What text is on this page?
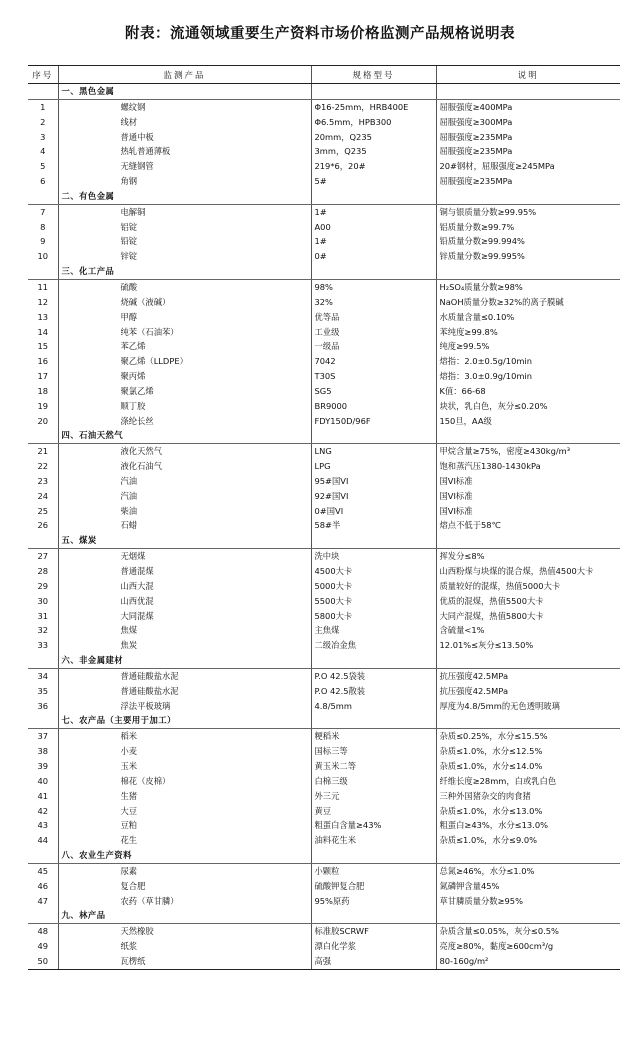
附表：流通领域重要生产资料市场价格监测产品规格说明表
序号	监测产品	规格型号	说明
	一、黑色金属		
1	螺纹钢	Φ16-25mm，HRB400E	屈服强度≥400MPa
2	线材	Φ6.5mm，HPB300	屈服强度≥300MPa
3	普通中板	20mm，Q235	屈服强度≥235MPa
4	热轧普通薄板	3mm，Q235	屈服强度≥235MPa
5	无缝钢管	219*6，20#	20#钢材，屈服强度≥245MPa
6	角钢	5#	屈服强度≥235MPa
	二、有色金属		
7	电解铜	1#	铜与银质量分数≥99.95%
8	铝锭	A00	铝质量分数≥99.7%
9	铅锭	1#	铅质量分数≥99.994%
10	锌锭	0#	锌质量分数≥99.995%
	三、化工产品		
11	硫酸	98%	H₂SO₄质量分数≥98%
12	烧碱（液碱）	32%	NaOH质量分数≥32%的离子膜碱
13	甲醇	优等品	水质量含量≤0.10%
14	纯苯（石油苯）	工业级	苯纯度≥99.8%
15	苯乙烯	一级品	纯度≥99.5%
16	聚乙烯（LLDPE）	7042	熔指：2.0±0.5g/10min
17	聚丙烯	T30S	熔指：3.0±0.9g/10min
18	聚氯乙烯	SG5	K值：66-68
19	顺丁胶	BR9000	块状，乳白色，灰分≤0.20%
20	涤纶长丝	FDY150D/96F	150旦，AA级
	四、石油天然气		
21	液化天然气	LNG	甲烷含量≥75%，密度≥430kg/m³
22	液化石油气	LPG	饱和蒸汽压1380-1430kPa
23	汽油	95#国VI	国VI标准
24	汽油	92#国VI	国VI标准
25	柴油	0#国VI	国VI标准
26	石蜡	58#半	熔点不低于58℃
	五、煤炭		
27	无烟煤	洗中块	挥发分≤8%
28	普通混煤	4500大卡	山西粉煤与块煤的混合煤，热值4500大卡
29	山西大混	5000大卡	质量较好的混煤，热值5000大卡
30	山西优混	5500大卡	优质的混煤，热值5500大卡
31	大同混煤	5800大卡	大同产混煤，热值5800大卡
32	焦煤	主焦煤	含硫量<1%
33	焦炭	二级冶金焦	12.01%≤灰分≤13.50%
	六、非金属建材		
34	普通硅酸盐水泥	P.O 42.5袋装	抗压强度42.5MPa
35	普通硅酸盐水泥	P.O 42.5散装	抗压强度42.5MPa
36	浮法平板玻璃	4.8/5mm	厚度为4.8/5mm的无色透明玻璃
	七、农产品（主要用于加工）		
37	稻米	粳稻米	杂质≤0.25%，水分≤15.5%
38	小麦	国标三等	杂质≤1.0%，水分≤12.5%
39	玉米	黄玉米二等	杂质≤1.0%，水分≤14.0%
40	棉花（皮棉）	白棉三级	纤维长度≥28mm，白或乳白色
41	生猪	外三元	三种外国猪杂交的肉食猪
42	大豆	黄豆	杂质≤1.0%，水分≤13.0%
43	豆粕	粗蛋白含量≥43%	粗蛋白≥43%，水分≤13.0%
44	花生	油料花生米	杂质≤1.0%，水分≤9.0%
	八、农业生产资料		
45	尿素	小颗粒	总氮≥46%，水分≤1.0%
46	复合肥	硫酸钾复合肥	氮磷钾含量45%
47	农药（草甘膦）	95%原药	草甘膦质量分数≥95%
	九、林产品		
48	天然橡胶	标准胶SCRWF	杂质含量≤0.05%，灰分≤0.5%
49	纸浆	漂白化学浆	亮度≥80%，黏度≥600cm³/g
50	瓦楞纸	高强	80-160g/m²
